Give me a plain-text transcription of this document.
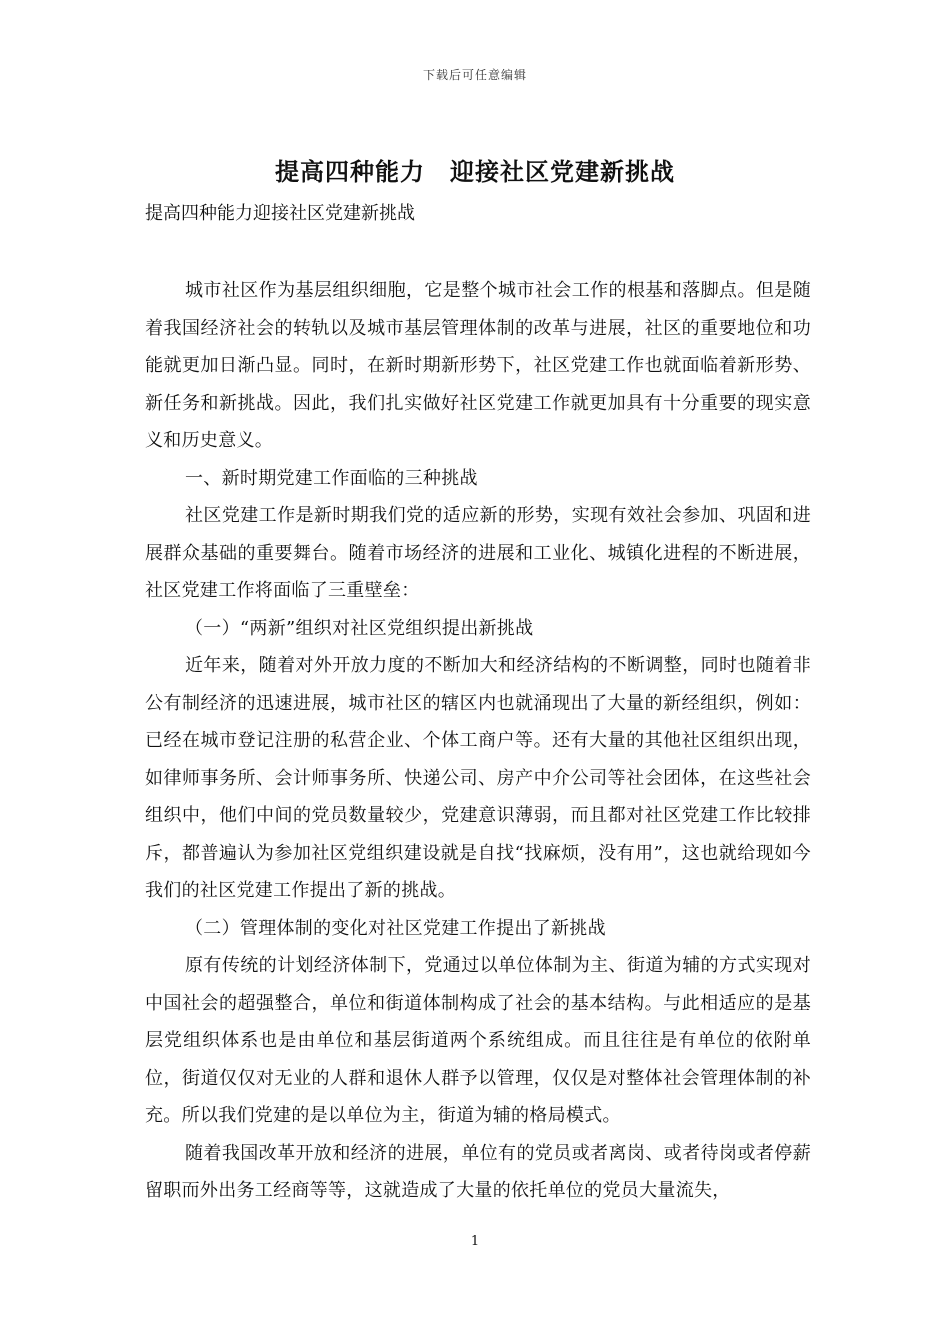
下载后可任意编辑
提高四种能力　迎接社区党建新挑战
提高四种能力迎接社区党建新挑战

城市社区作为基层组织细胞，它是整个城市社会工作的根基和落脚点。但是随着我国经济社会的转轨以及城市基层管理体制的改革与进展，社区的重要地位和功能就更加日渐凸显。同时，在新时期新形势下，社区党建工作也就面临着新形势、新任务和新挑战。因此，我们扎实做好社区党建工作就更加具有十分重要的现实意义和历史意义。

一、新时期党建工作面临的三种挑战

社区党建工作是新时期我们党的适应新的形势，实现有效社会参加、巩固和进展群众基础的重要舞台。随着市场经济的进展和工业化、城镇化进程的不断进展，社区党建工作将面临了三重壁垒：

（一）“两新”组织对社区党组织提出新挑战

近年来，随着对外开放力度的不断加大和经济结构的不断调整，同时也随着非公有制经济的迅速进展，城市社区的辖区内也就涌现出了大量的新经组织，例如：已经在城市登记注册的私营企业、个体工商户等。还有大量的其他社区组织出现，如律师事务所、会计师事务所、快递公司、房产中介公司等社会团体，在这些社会组织中，他们中间的党员数量较少，党建意识薄弱，而且都对社区党建工作比较排斥，都普遍认为参加社区党组织建设就是自找“找麻烦，没有用”，这也就给现如今我们的社区党建工作提出了新的挑战。

（二）管理体制的变化对社区党建工作提出了新挑战

原有传统的计划经济体制下，党通过以单位体制为主、街道为辅的方式实现对中国社会的超强整合，单位和街道体制构成了社会的基本结构。与此相适应的是基层党组织体系也是由单位和基层街道两个系统组成。而且往往是有单位的依附单位，街道仅仅对无业的人群和退休人群予以管理，仅仅是对整体社会管理体制的补充。所以我们党建的是以单位为主，街道为辅的格局模式。

随着我国改革开放和经济的进展，单位有的党员或者离岗、或者待岗或者停薪留职而外出务工经商等等，这就造成了大量的依托单位的党员大量流失，

1
